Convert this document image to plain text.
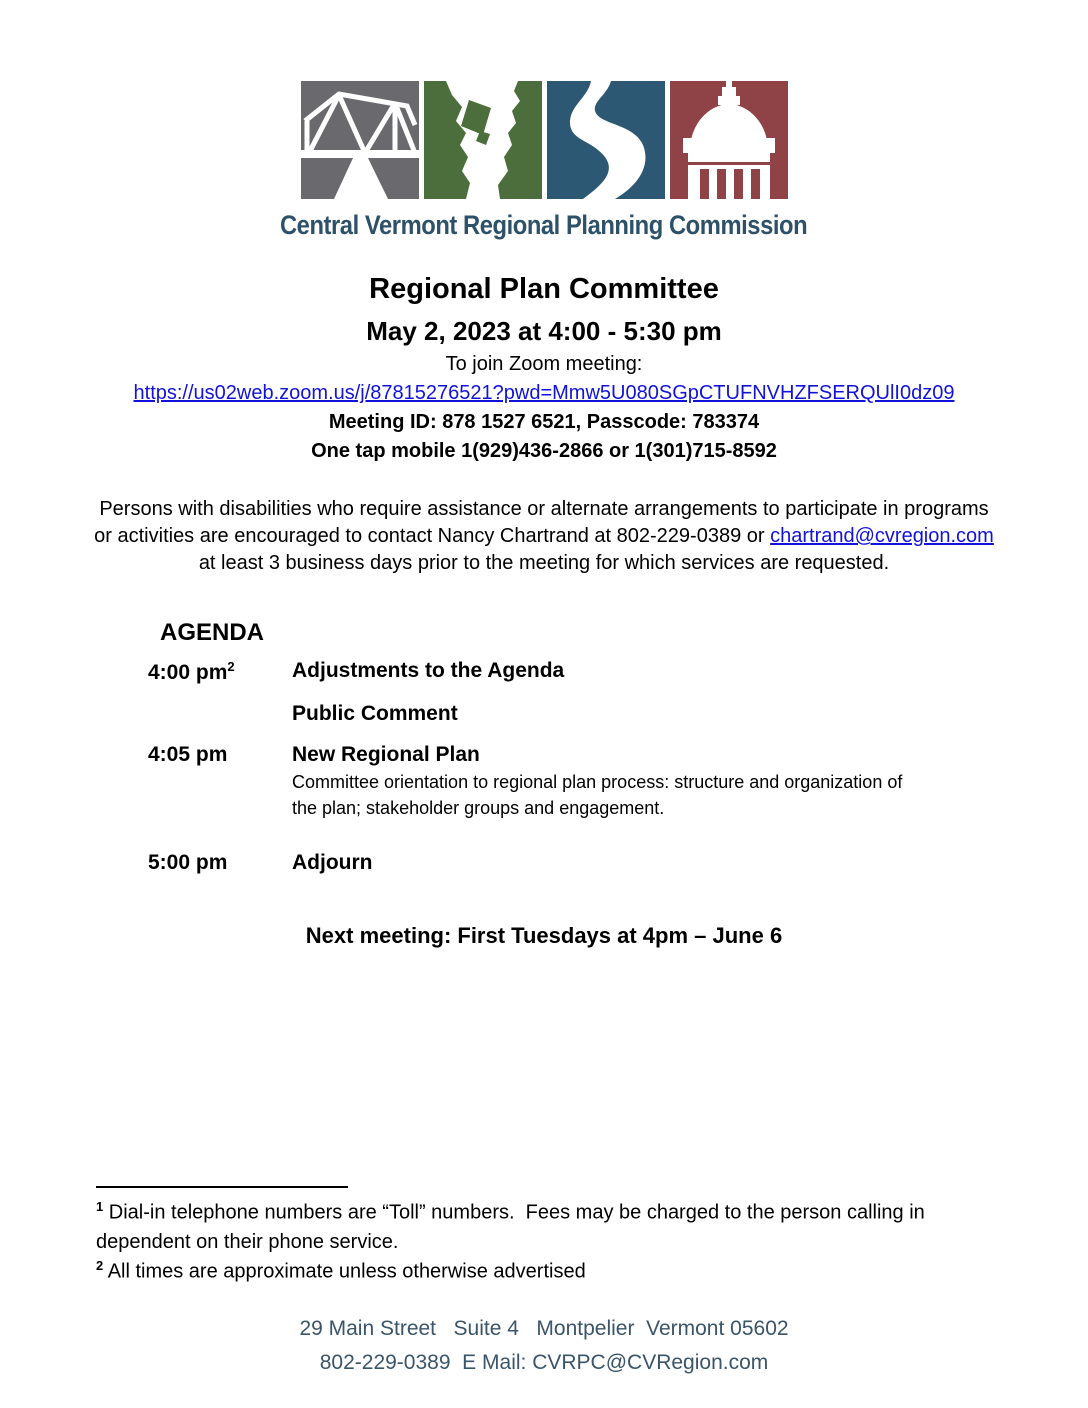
Central Vermont Regional Planning Commission
Regional Plan Committee
May 2, 2023 at 4:00 - 5:30 pm
To join Zoom meeting:
https://us02web.zoom.us/j/87815276521?pwd=Mmw5U080SGpCTUFNVHZFSERQUlI0dz09
Meeting ID: 878 1527 6521, Passcode: 783374
One tap mobile 1(929)436-2866 or 1(301)715-8592

Persons with disabilities who require assistance or alternate arrangements to participate in programs or activities are encouraged to contact Nancy Chartrand at 802-229-0389 or chartrand@cvregion.com at least 3 business days prior to the meeting for which services are requested.

AGENDA
4:00 $pm^2$	Adjustments to the Agenda
Public Comment
4:05 pm	New Regional Plan
Committee orientation to regional plan process: structure and organization of the plan; stakeholder groups and engagement.
5:00 pm	Adjourn
Next meeting: First Tuesdays at 4pm – June 6
$^1$ Dial-in telephone numbers are “Toll” numbers.  Fees may be charged to the person calling in dependent on their phone service.
$^2$ All times are approximate unless otherwise advertised
29 Main Street   Suite 4   Montpelier  Vermont 05602
802-229-0389  E Mail: CVRPC@CVRegion.com
